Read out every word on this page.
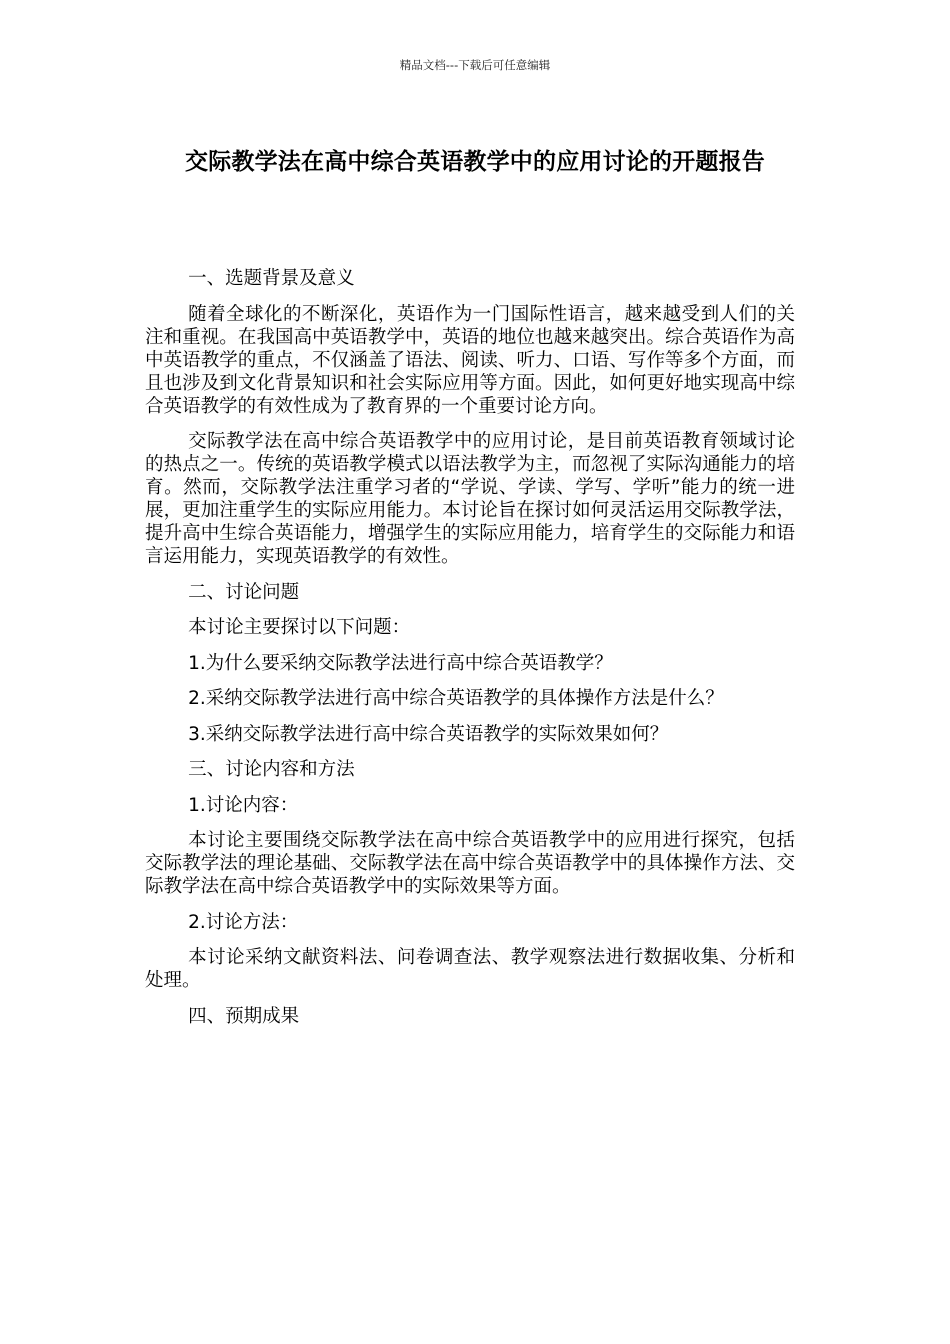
精品文档---下载后可任意编辑
交际教学法在高中综合英语教学中的应用讨论的开题报告

一、选题背景及意义

随着全球化的不断深化，英语作为一门国际性语言，越来越受到人们的关注和重视。在我国高中英语教学中，英语的地位也越来越突出。综合英语作为高中英语教学的重点，不仅涵盖了语法、阅读、听力、口语、写作等多个方面，而且也涉及到文化背景知识和社会实际应用等方面。因此，如何更好地实现高中综合英语教学的有效性成为了教育界的一个重要讨论方向。

交际教学法在高中综合英语教学中的应用讨论，是目前英语教育领域讨论的热点之一。传统的英语教学模式以语法教学为主，而忽视了实际沟通能力的培育。然而，交际教学法注重学习者的“学说、学读、学写、学听”能力的统一进展，更加注重学生的实际应用能力。本讨论旨在探讨如何灵活运用交际教学法，提升高中生综合英语能力，增强学生的实际应用能力，培育学生的交际能力和语言运用能力，实现英语教学的有效性。

二、讨论问题

本讨论主要探讨以下问题：

1.为什么要采纳交际教学法进行高中综合英语教学？

2.采纳交际教学法进行高中综合英语教学的具体操作方法是什么？

3.采纳交际教学法进行高中综合英语教学的实际效果如何？

三、讨论内容和方法

1.讨论内容：

本讨论主要围绕交际教学法在高中综合英语教学中的应用进行探究，包括交际教学法的理论基础、交际教学法在高中综合英语教学中的具体操作方法、交际教学法在高中综合英语教学中的实际效果等方面。

2.讨论方法：

本讨论采纳文献资料法、问卷调查法、教学观察法进行数据收集、分析和处理。

四、预期成果
